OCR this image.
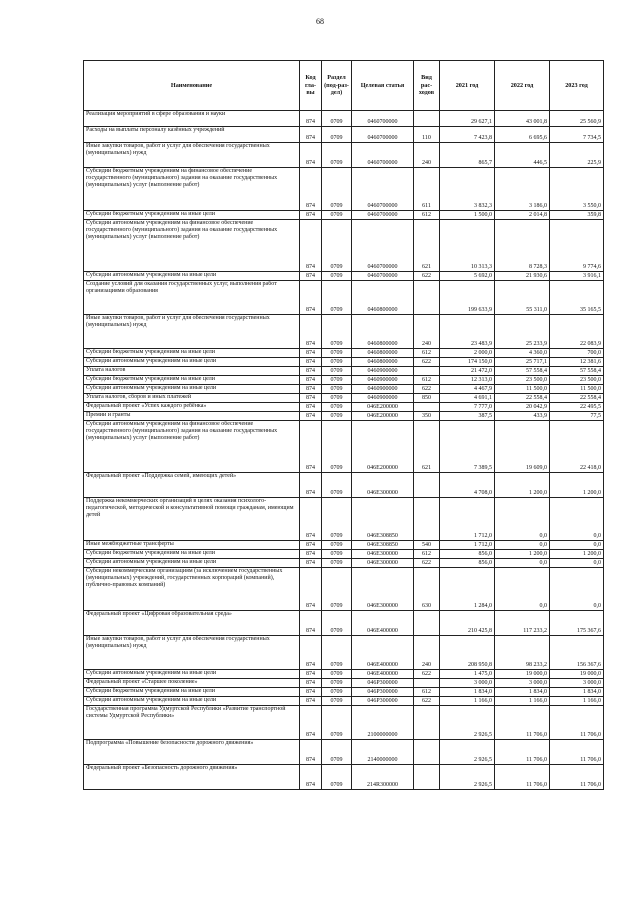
68
Наименование	Код гла-вы	Раздел (под-раз-дел)	Целевая статья	Вид рас-ходов	2021 год	2022 год	2023 год
Реализация мероприятий в сфере образования и науки	874	0709	0460700000		29 627,1	43 001,8	25 560,9
Расходы на выплаты персоналу казённых учреждений	874	0709	0460700000	110	7 423,8	6 695,6	7 734,5
Иные закупки товаров, работ и услуг для обеспечения государственных (муниципальных) нужд	874	0709	0460700000	240	865,7	446,5	225,9
Субсидии бюджетным учреждениям на финансовое обеспечение государственного (муниципального) задания на оказание государственных (муниципальных) услуг (выполнение работ)	874	0709	0460700000	611	3 832,3	3 186,0	3 550,0
Субсидии бюджетным учреждениям на иные цели	874	0709	0460700000	612	1 500,0	2 014,8	359,8
Субсидии автономным учреждениям на финансовое обеспечение государственного (муниципального) задания на оказание государственных (муниципальных) услуг (выполнение работ)	874	0709	0460700000	621	10 313,3	8 728,3	9 774,6
Субсидии автономным учреждениям на иные цели	874	0709	0460700000	622	5 692,0	21 930,6	3 916,1
Создание условий для оказания государственных услуг, выполнения работ организациями образования	874	0709	0460800000		199 633,9	55 311,0	35 165,5
Иные закупки товаров, работ и услуг для обеспечения государственных (муниципальных) нужд	874	0709	0460800000	240	23 483,9	25 233,9	22 083,9
Субсидии бюджетным учреждениям на иные цели	874	0709	0460800000	612	2 000,0	4 360,0	700,0
Субсидии автономным учреждениям на иные цели	874	0709	0460800000	622	174 150,0	25 717,1	12 381,6
Уплата налогов	874	0709	0460900000		21 472,0	57 558,4	57 558,4
Субсидии бюджетным учреждениям на иные цели	874	0709	0460900000	612	12 313,0	23 500,0	23 500,0
Субсидии автономным учреждениям на иные цели	874	0709	0460900000	622	4 467,9	11 500,0	11 500,0
Уплата налогов, сборов и иных платежей	874	0709	0460900000	850	4 691,1	22 558,4	22 558,4
Федеральный проект «Успех каждого ребёнка»	874	0709	046E200000		7 777,0	20 042,9	22 495,5
Премии и гранты	874	0709	046E200000	350	387,5	433,9	77,5
Субсидии автономным учреждениям на финансовое обеспечение государственного (муниципального) задания на оказание государственных (муниципальных) услуг (выполнение работ)	874	0709	046E200000	621	7 389,5	19 609,0	22 418,0
Федеральный проект «Поддержка семей, имеющих детей»	874	0709	046E300000		4 708,0	1 200,0	1 200,0
Поддержка некоммерческих организаций в целях оказания психолого-педагогической, методической и консультативной помощи гражданам, имеющим детей	874	0709	046E308850		1 712,0	0,0	0,0
Иные межбюджетные трансферты	874	0709	046E308850	540	1 712,0	0,0	0,0
Субсидии бюджетным учреждениям на иные цели	874	0709	046E300000	612	856,0	1 200,0	1 200,0
Субсидии автономным учреждениям на иные цели	874	0709	046E300000	622	856,0	0,0	0,0
Субсидии некоммерческим организациям (за исключением государственных (муниципальных) учреждений, государственных корпораций (компаний), публично-правовых компаний)	874	0709	046E300000	630	1 284,0	0,0	0,0
Федеральный проект «Цифровая образовательная среда»	874	0709	046E400000		210 425,8	117 233,2	175 367,6
Иные закупки товаров, работ и услуг для обеспечения государственных (муниципальных) нужд	874	0709	046E400000	240	208 950,8	98 233,2	156 367,6
Субсидии автономным учреждениям на иные цели	874	0709	046E400000	622	1 475,0	19 000,0	19 000,0
Федеральный проект «Старшее поколение»	874	0709	046P300000		3 000,0	3 000,0	3 000,0
Субсидии бюджетным учреждениям на иные цели	874	0709	046P300000	612	1 834,0	1 834,0	1 834,0
Субсидии автономным учреждениям на иные цели	874	0709	046P300000	622	1 166,0	1 166,0	1 166,0
Государственная программа Удмуртской Республики «Развитие транспортной системы Удмуртской Республики»	874	0709	2100000000		2 926,5	11 706,0	11 706,0
Подпрограмма «Повышение безопасности дорожного движения»	874	0709	2140000000		2 926,5	11 706,0	11 706,0
Федеральный проект «Безопасность дорожного движения»	874	0709	214R300000		2 926,5	11 706,0	11 706,0
